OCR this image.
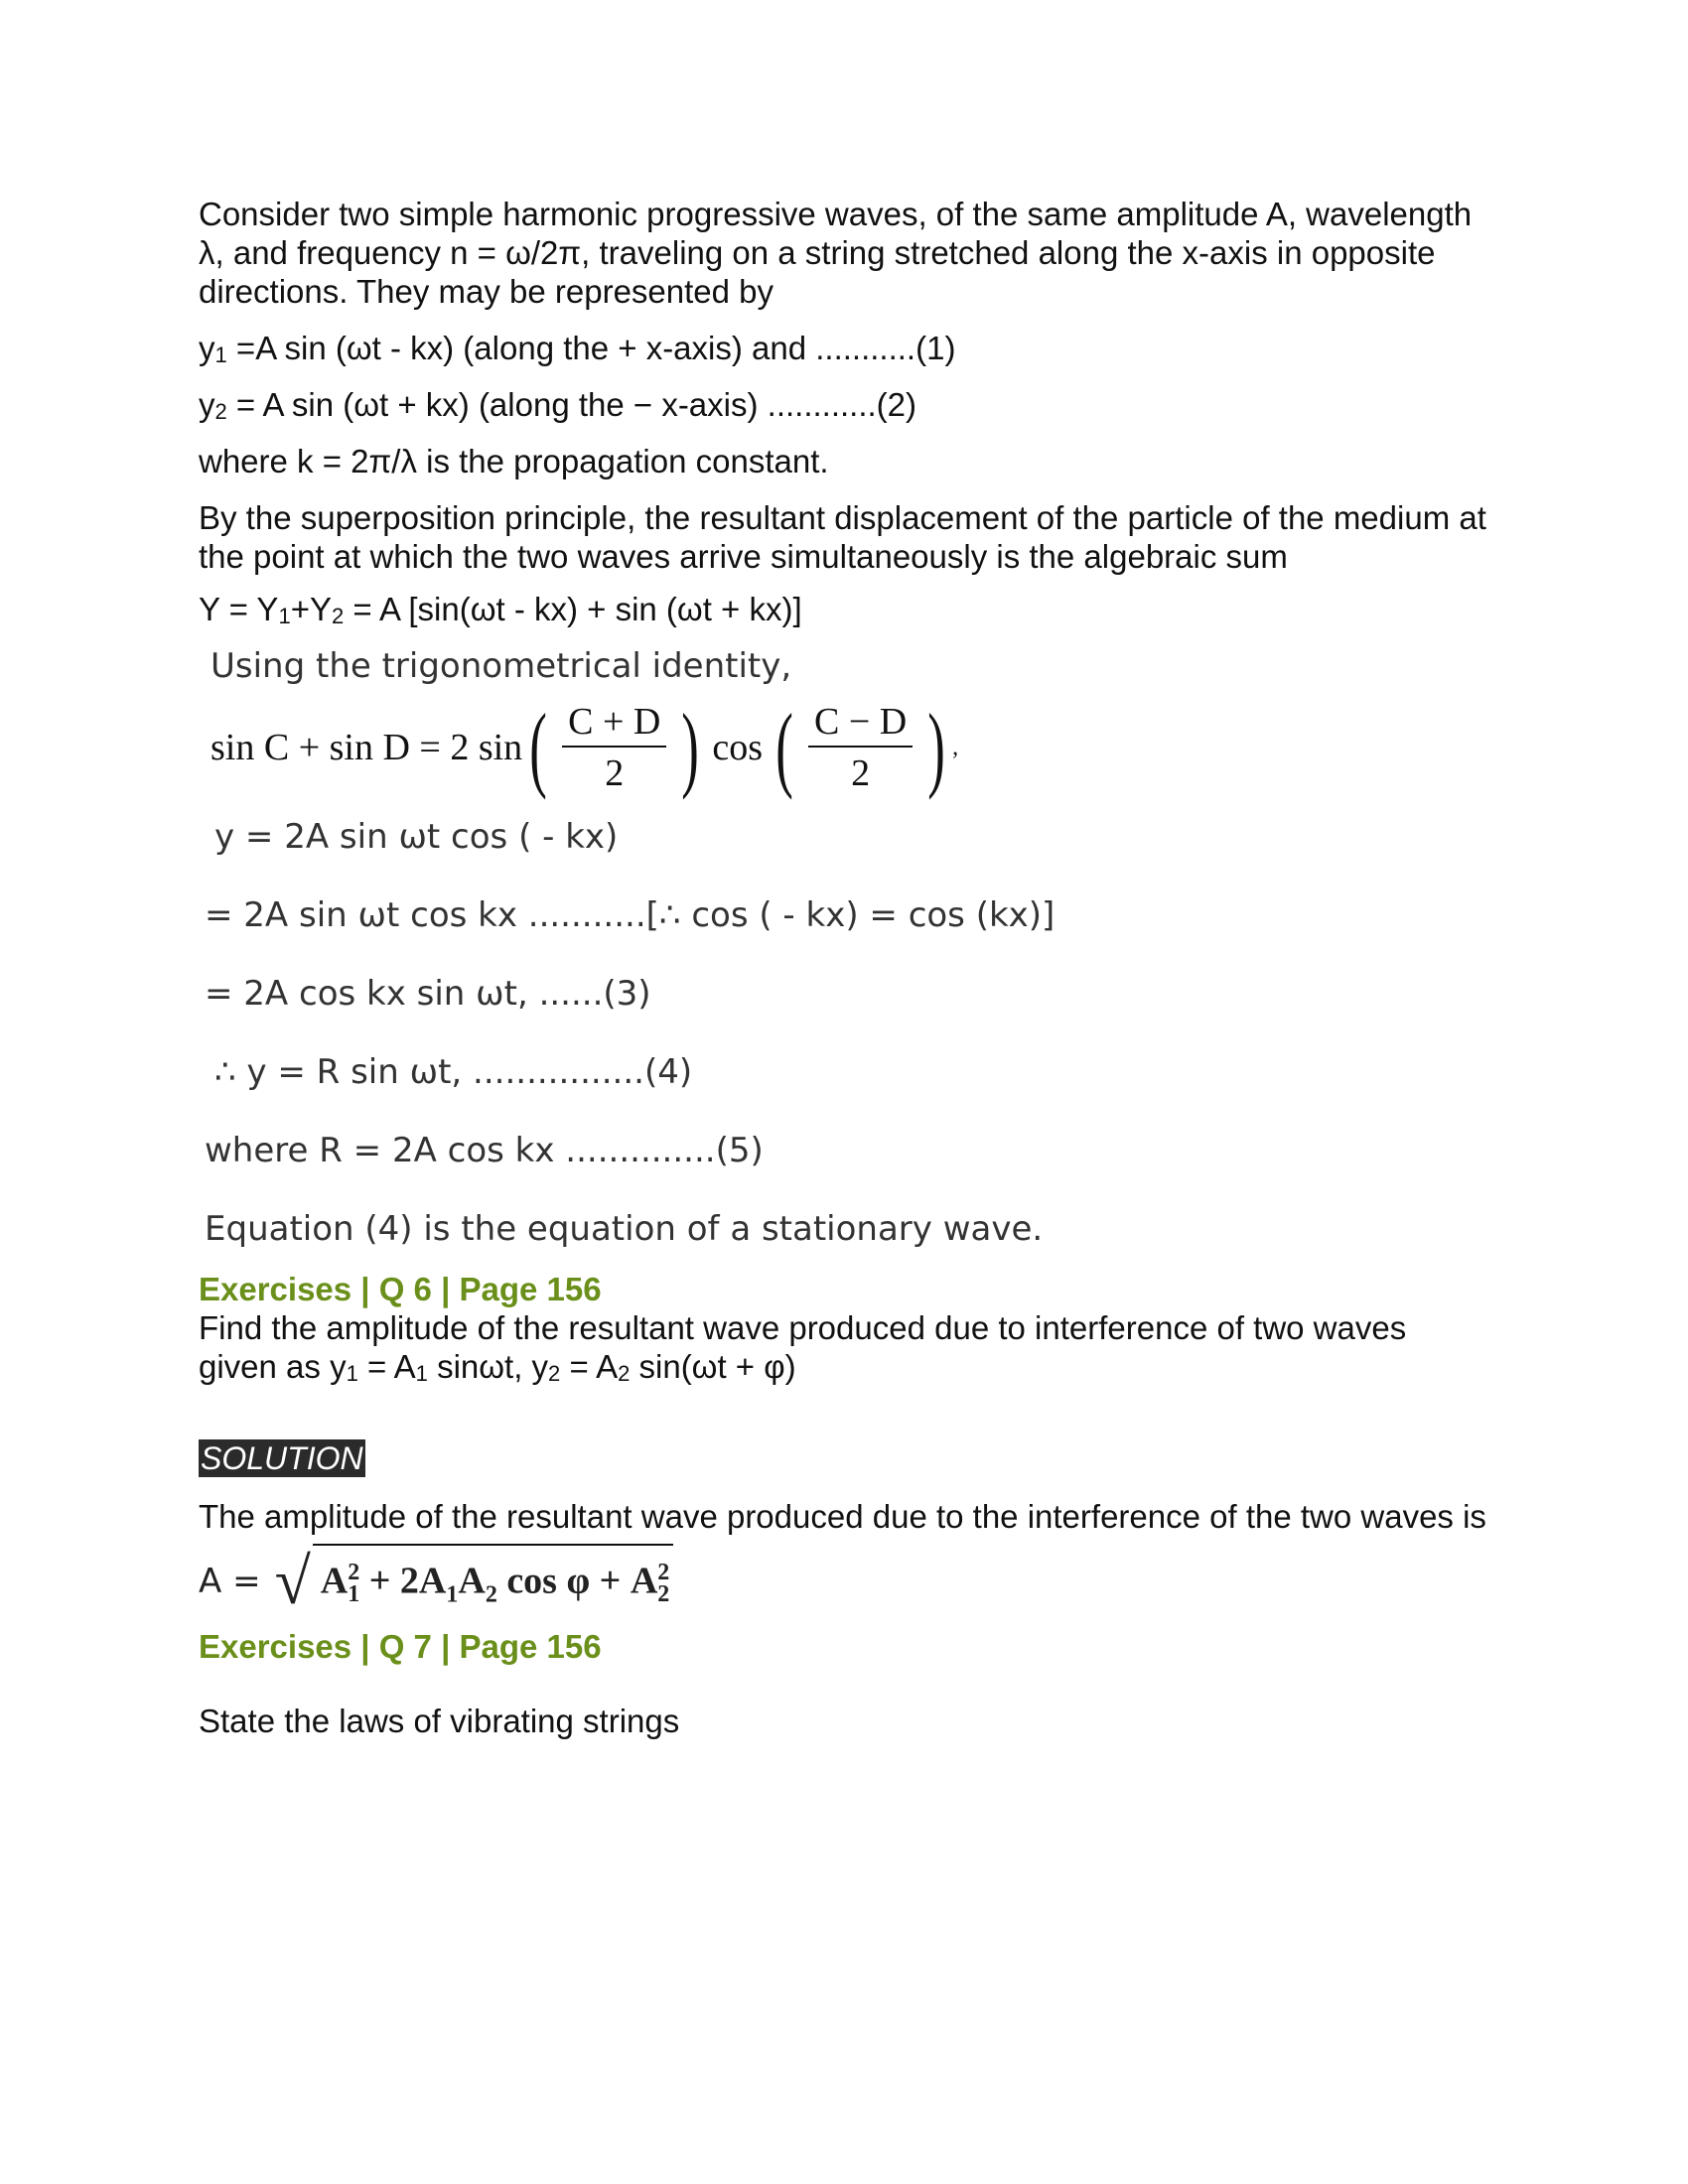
Consider two simple harmonic progressive waves, of the same amplitude A, wavelength λ, and frequency n = ω/2π, traveling on a string stretched along the x-axis in opposite directions. They may be represented by

$y_1 =A$ sin (ωt - kx) (along the + x-axis) and ...........(1)

$y_2 = A$ sin (ωt + kx) (along the − x-axis) ............(2)

where k = 2π/λ is the propagation constant.

By the superposition principle, the resultant displacement of the particle of the medium at the point at which the two waves arrive simultaneously is the algebraic sum

$Y = Y_1+Y_2 = A$ [sin(ωt - kx) + sin (ωt + kx)]

Using the trigonometrical identity,
sin C + sin D = 2 sin ( $\frac{C + D}{2}$ ) cos ( $\frac{C - D}{2}$ ) ,
y = 2A sin ωt cos ( - kx)
= 2A sin ωt cos kx ...........[∴ cos ( - kx) = cos (kx)]
= 2A cos kx sin ωt, ......(3)
∴ y = R sin ωt, ................(4)
where R = 2A cos kx ..............(5)
Equation (4) is the equation of a stationary wave.

Exercises | Q 6 | Page 156

Find the amplitude of the resultant wave produced due to interference of two waves
given as $y_1 = A_1$ sinωt, $y_2 = A_2$ sin(ωt + φ)

SOLUTION

The amplitude of the resultant wave produced due to the interference of the two waves is

A = √ $A^2_1 + 2A_1A_2$ $\cos \varphi + A^2_2$

Exercises | Q 7 | Page 156

State the laws of vibrating strings
